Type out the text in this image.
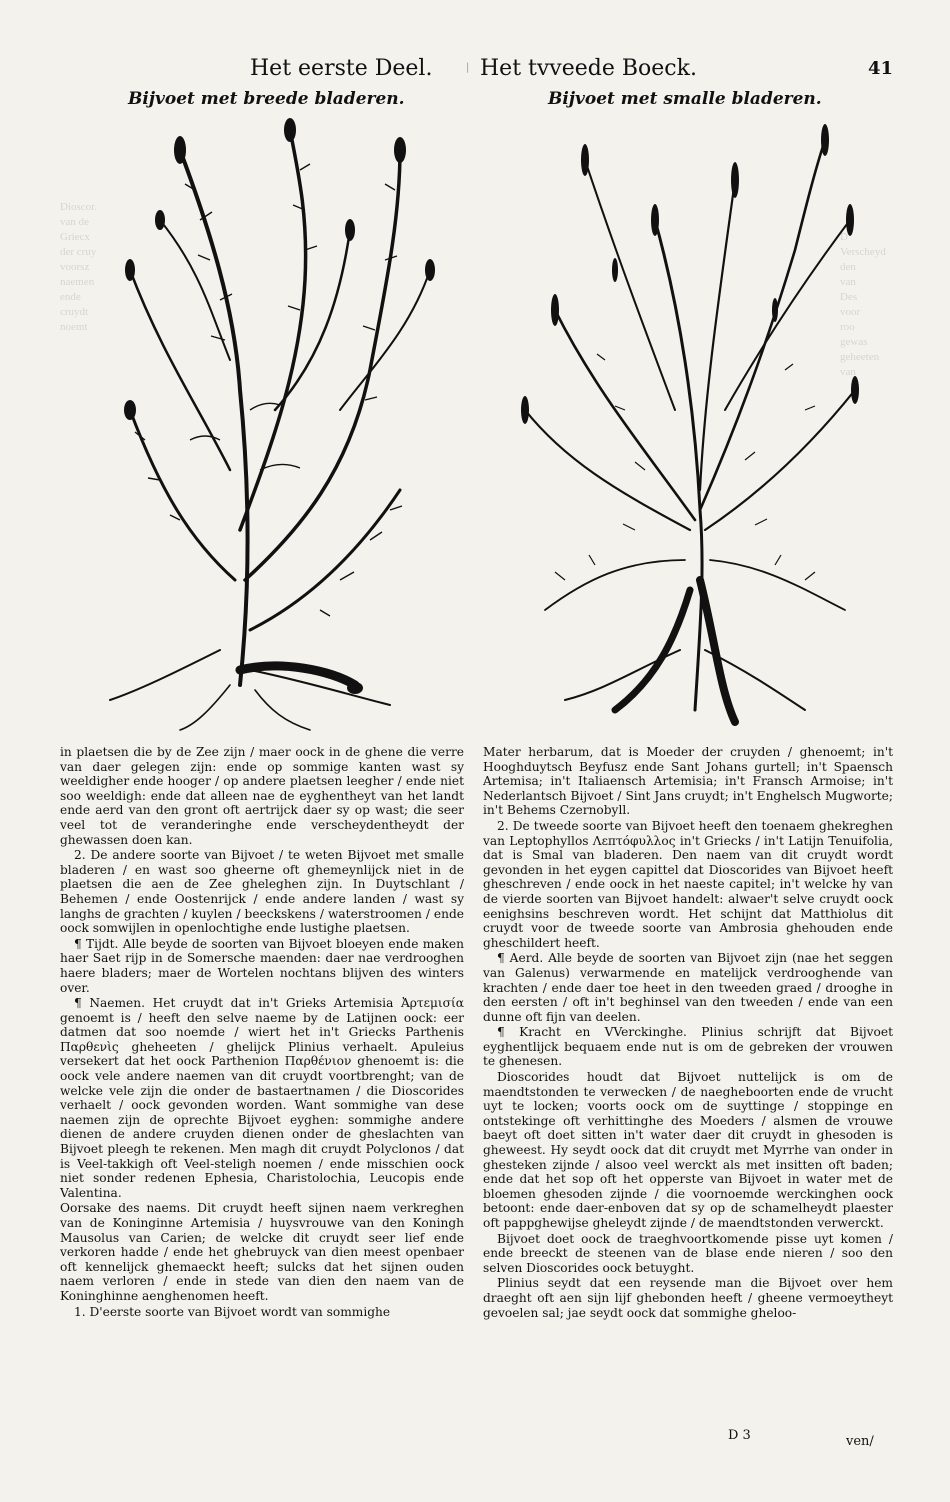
Dioscor.
van de
Griecx
der cruy
voorsz
naemen
ende
cruydt
noemt
D
Verscheyd
den
van
Des
voor
roo
gewas
geheeten
van
Het eerste Deel.	| Het tvveede Boeck.	41
Bijvoet met breede bladeren.	Bijvoet met smalle bladeren.

in plaetsen die by de Zee zijn / maer oock in de ghene die verre van daer gelegen zijn: ende op sommige kanten wast sy weeldigher ende hooger / op andere plaetsen leegher / ende niet soo weeldigh: ende dat alleen nae de eyghentheyt van het landt ende aerd van den gront oft aertrijck daer sy op wast; die seer veel tot de veranderinghe ende verscheydentheydt der ghewassen doen kan.

2. De andere soorte van Bijvoet / te weten Bijvoet met smalle bladeren / en wast soo gheerne oft ghemeynlijck niet in de plaetsen die aen de Zee gheleghen zijn. In Duytschlant / Behemen / ende Oostenrijck / ende andere landen / wast sy langhs de grachten / kuylen / beeckskens / waterstroomen / ende oock somwijlen in openlochtighe ende lustighe plaetsen.

¶ Tijdt. Alle beyde de soorten van Bijvoet bloeyen ende maken haer Saet rijp in de Somersche maenden: daer nae verdrooghen haere bladers; maer de Wortelen nochtans blijven des winters over.

¶ Naemen. Het cruydt dat in't Grieks Artemisia Ἀρτεμισία genoemt is / heeft den selve naeme by de Latijnen oock: eer datmen dat soo noemde / wiert het in't Griecks Parthenis Παρθενὶς gheheeten / ghelijck Plinius verhaelt. Apuleius versekert dat het oock Parthenion Παρθένιον ghenoemt is: die oock vele andere naemen van dit cruydt voortbrenght; van de welcke vele zijn die onder de bastaertnamen / die Dioscorides verhaelt / oock gevonden worden. Want sommighe van dese naemen zijn de oprechte Bijvoet eyghen: sommighe andere dienen de andere cruyden dienen onder de gheslachten van Bijvoet pleegh te rekenen. Men magh dit cruydt Polyclonos / dat is Veel-takkigh oft Veel-steligh noemen / ende misschien oock niet sonder redenen Ephesia, Charistolochia, Leucopis ende Valentina.

Oorsake des naems. Dit cruydt heeft sijnen naem verkreghen van de Koninginne Artemisia / huysvrouwe van den Koningh Mausolus van Carien; de welcke dit cruydt seer lief ende verkoren hadde / ende het ghebruyck van dien meest openbaer oft kennelijck ghemaeckt heeft; sulcks dat het sijnen ouden naem verloren / ende in stede van dien den naem van de Koninghinne aenghenomen heeft.

1. D'eerste soorte van Bijvoet wordt van sommighe

Mater herbarum, dat is Moeder der cruyden / ghenoemt; in't Hooghduytsch Beyfusz ende Sant Johans gurtell; in't Spaensch Artemisa; in't Italiaensch Artemisia; in't Fransch Armoise; in't Nederlantsch Bijvoet / Sint Jans cruydt; in't Enghelsch Mugworte; in't Behems Czernobyll.

2. De tweede soorte van Bijvoet heeft den toenaem ghekreghen van Leptophyllos Λεπτόφυλλος in't Griecks / in't Latijn Tenuifolia, dat is Smal van bladeren. Den naem van dit cruydt wordt gevonden in het eygen capittel dat Dioscorides van Bijvoet heeft gheschreven / ende oock in het naeste capitel; in't welcke hy van de vierde soorten van Bijvoet handelt: alwaer't selve cruydt oock eenighsins beschreven wordt. Het schijnt dat Matthiolus dit cruydt voor de tweede soorte van Ambrosia ghehouden ende gheschildert heeft.

¶ Aerd. Alle beyde de soorten van Bijvoet zijn (nae het seggen van Galenus) verwarmende en matelijck verdrooghende van krachten / ende daer toe heet in den tweeden graed / drooghe in den eersten / oft in't beghinsel van den tweeden / ende van een dunne oft fijn van deelen.

¶ Kracht en VVerckinghe. Plinius schrijft dat Bijvoet eyghentlijck bequaem ende nut is om de gebreken der vrouwen te ghenesen.

Dioscorides houdt dat Bijvoet nuttelijck is om de maendtstonden te verwecken / de naegheboorten ende de vrucht uyt te locken; voorts oock om de suyttinge / stoppinge en ontstekinge oft verhittinghe des Moeders / alsmen de vrouwe baeyt oft doet sitten in't water daer dit cruydt in ghesoden is gheweest. Hy seydt oock dat dit cruydt met Myrrhe van onder in ghesteken zijnde / alsoo veel werckt als met insitten oft baden; ende dat het sop oft het opperste van Bijvoet in water met de bloemen ghesoden zijnde / die voornoemde werckinghen oock betoont: ende daer-enboven dat sy op de schamelheydt plaester oft pappghewijse gheleydt zijnde / de maendtstonden verwerckt.

Bijvoet doet oock de traeghvoortkomende pisse uyt komen / ende breeckt de steenen van de blase ende nieren / soo den selven Dioscorides oock betuyght.

Plinius seydt dat een reysende man die Bijvoet over hem draeght oft aen sijn lijf ghebonden heeft / gheene vermoeytheyt gevoelen sal; jae seydt oock dat sommighe gheloo-

D 3	ven/
